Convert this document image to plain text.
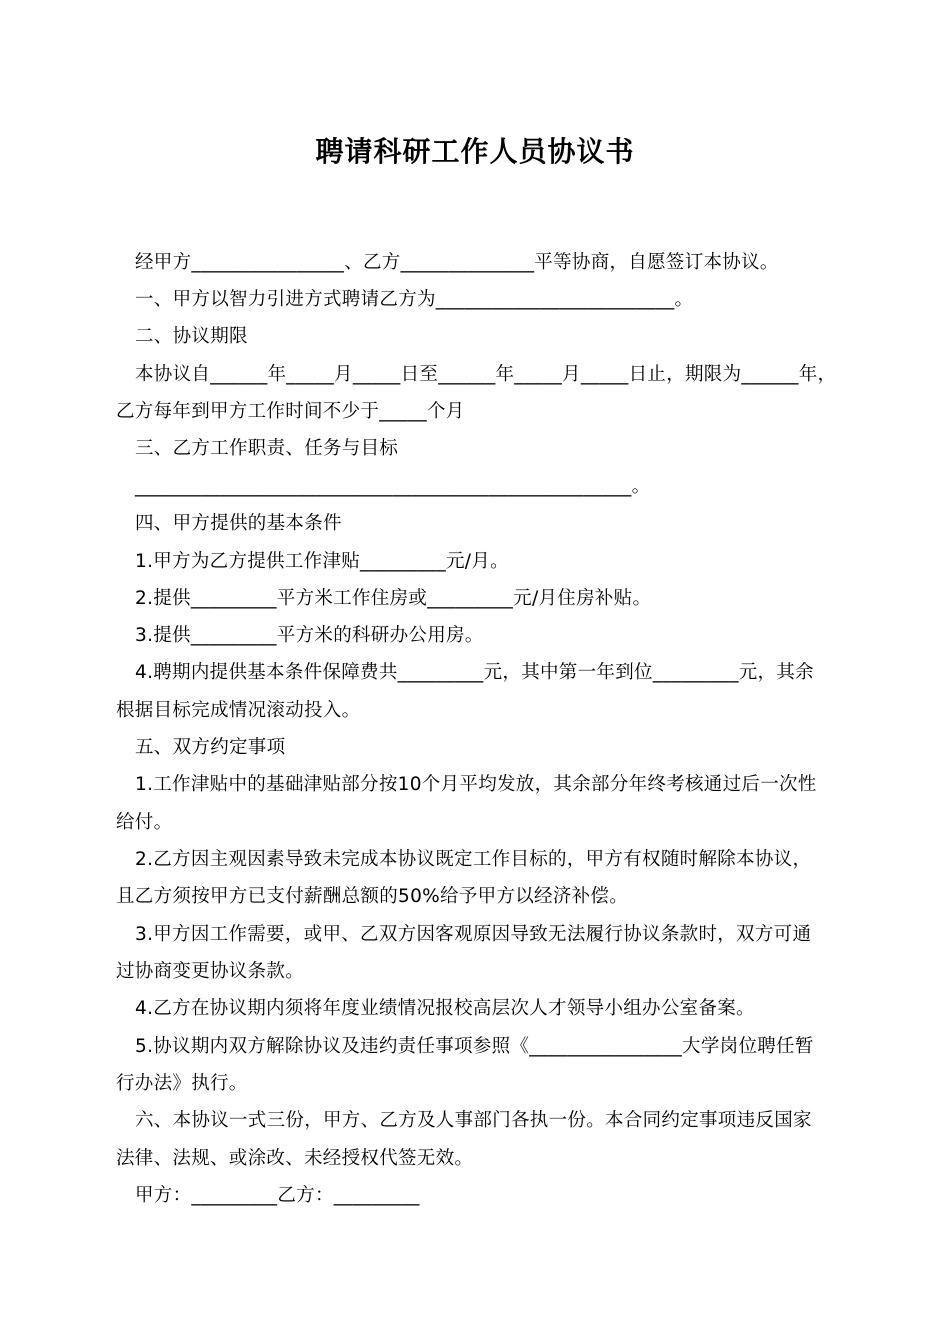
聘请科研工作人员协议书
经甲方________________、乙方______________平等协商，自愿签订本协议。
一、甲方以智力引进方式聘请乙方为_________________________。
二、协议期限
本协议自______年_____月_____日至______年_____月_____日止，期限为______年，
乙方每年到甲方工作时间不少于_____个月
三、乙方工作职责、任务与目标
____________________________________________________。
四、甲方提供的基本条件
1.甲方为乙方提供工作津贴_________元/月。
2.提供_________平方米工作住房或_________元/月住房补贴。
3.提供_________平方米的科研办公用房。
4.聘期内提供基本条件保障费共_________元，其中第一年到位_________元，其余
根据目标完成情况滚动投入。
五、双方约定事项
1.工作津贴中的基础津贴部分按10个月平均发放，其余部分年终考核通过后一次性
给付。
2.乙方因主观因素导致未完成本协议既定工作目标的，甲方有权随时解除本协议，
且乙方须按甲方已支付薪酬总额的50%给予甲方以经济补偿。
3.甲方因工作需要，或甲、乙双方因客观原因导致无法履行协议条款时，双方可通
过协商变更协议条款。
4.乙方在协议期内须将年度业绩情况报校高层次人才领导小组办公室备案。
5.协议期内双方解除协议及违约责任事项参照《________________大学岗位聘任暂
行办法》执行。
六、本协议一式三份，甲方、乙方及人事部门各执一份。本合同约定事项违反国家
法律、法规、或涂改、未经授权代签无效。
甲方：_________乙方：_________
